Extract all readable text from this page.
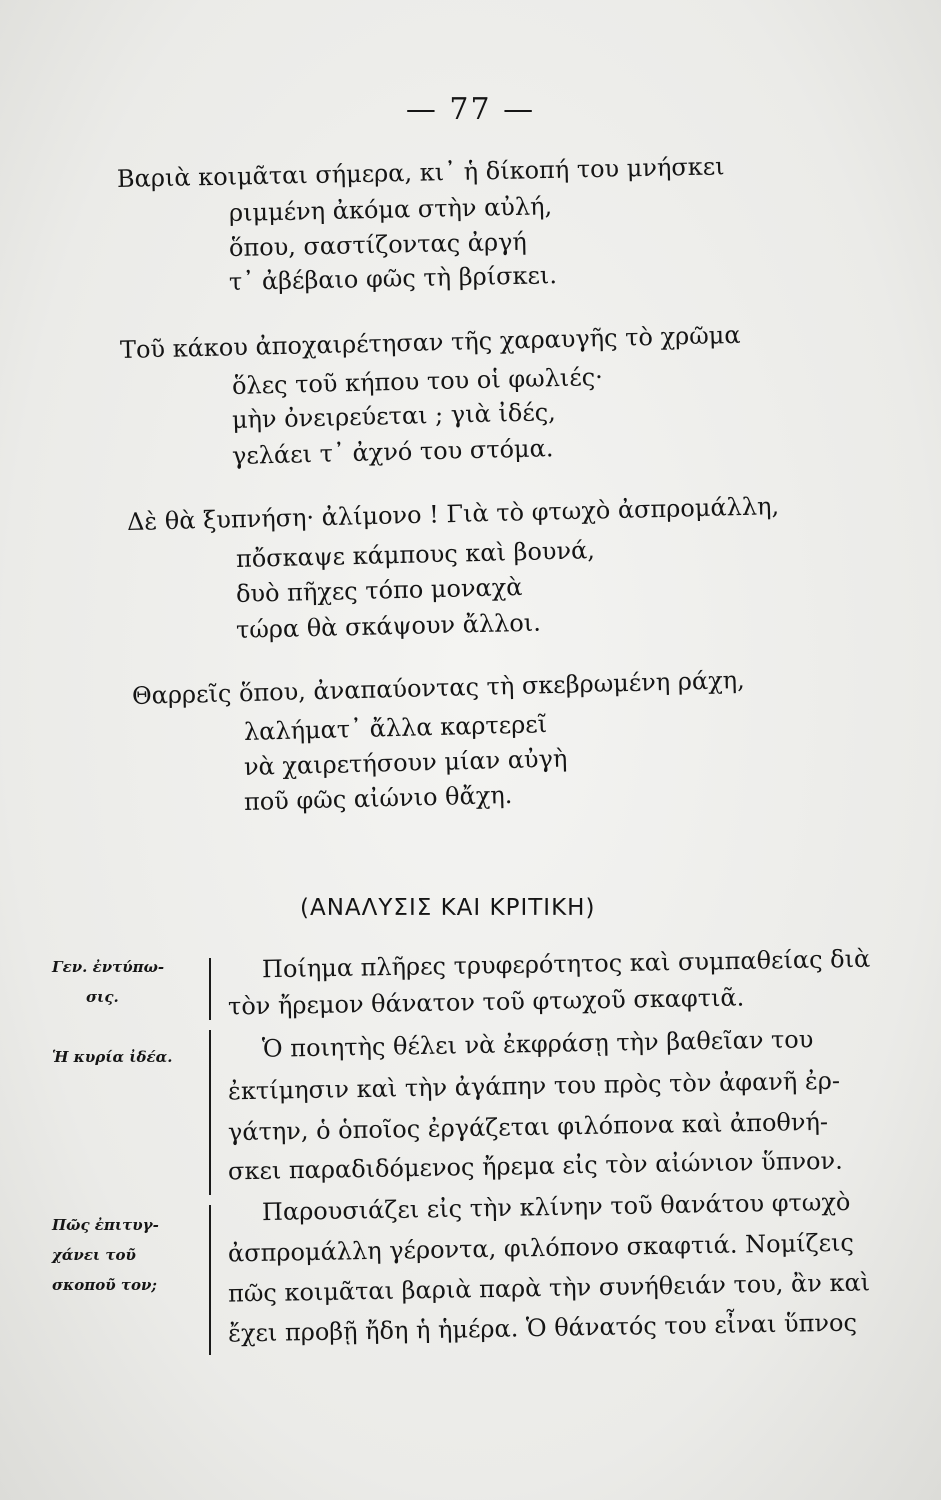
— 77 —
Βαριὰ κοιμᾶται σήμερα, κι᾽ ἡ δίκοπή του μνήσκει
ριμμένη ἀκόμα στὴν αὐλή,
ὅπου, σαστίζοντας ἀργή
τ᾽ ἀβέβαιο φῶς τὴ βρίσκει.
Τοῦ κάκου ἀποχαιρέτησαν τῆς χαραυγῆς τὸ χρῶμα
ὅλες τοῦ κήπου του οἱ φωλιές·
μὴν ὀνειρεύεται ; γιὰ ἰδές,
γελάει τ᾽ ἀχνό του στόμα.
Δὲ θὰ ξυπνήση· ἀλίμονο ! Γιὰ τὸ φτωχὸ ἀσπρομάλλη,
πὄσκαψε κάμπους καὶ βουνά,
δυὸ πῆχες τόπο μοναχὰ
τώρα θὰ σκάψουν ἄλλοι.
Θαρρεῖς ὅπου, ἀναπαύοντας τὴ σκεβρωμένη ράχη,
λαλήματ᾽ ἄλλα καρτερεῖ
νὰ χαιρετήσουν μίαν αὐγὴ
ποῦ φῶς αἰώνιο θἄχη.
(ΑΝΑΛΥΣΙΣ ΚΑΙ ΚΡΙΤΙΚΗ)
Γεν. ἐντύπω-
σις.
Ἡ κυρία ἰδέα.
Πῶς ἐπιτυγ-
χάνει τοῦ
σκοποῦ τον;
Ποίημα πλῆρες τρυφερότητος καὶ συμπαθείας διὰ
τὸν ἤρεμον θάνατον τοῦ φτωχοῦ σκαφτιᾶ.
Ὁ ποιητὴς θέλει νὰ ἐκφράσῃ τὴν βαθεῖαν του
ἐκτίμησιν καὶ τὴν ἀγάπην του πρὸς τὸν ἀφανῆ ἐρ-
γάτην, ὁ ὁποῖος ἐργάζεται φιλόπονα καὶ ἀποθνή-
σκει παραδιδόμενος ἤρεμα εἰς τὸν αἰώνιον ὕπνον.
Παρουσιάζει εἰς τὴν κλίνην τοῦ θανάτου φτωχὸ
ἀσπρομάλλη γέροντα, φιλόπονο σκαφτιά. Νομίζεις
πῶς κοιμᾶται βαριὰ παρὰ τὴν συνήθειάν του, ἂν καὶ
ἔχει προβῇ ἤδη ἡ ἡμέρα. Ὁ θάνατός του εἶναι ὕπνος
